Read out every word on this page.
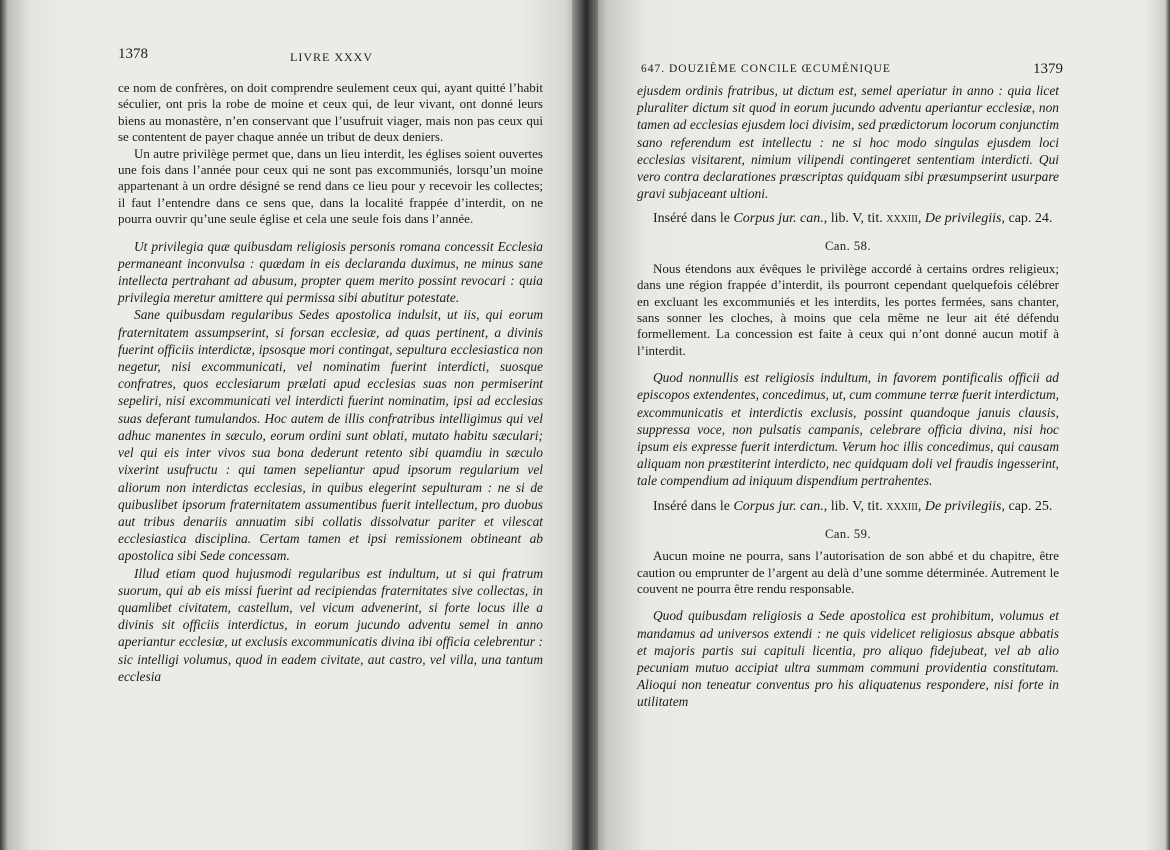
1378	LIVRE XXXV

ce nom de confrères, on doit comprendre seulement ceux qui, ayant quitté l’habit séculier, ont pris la robe de moine et ceux qui, de leur vivant, ont donné leurs biens au monastère, n’en conservant que l’usufruit viager, mais non pas ceux qui se contentent de payer chaque année un tribut de deux deniers.

Un autre privilège permet que, dans un lieu interdit, les églises soient ouvertes une fois dans l’année pour ceux qui ne sont pas excommuniés, lorsqu’un moine appartenant à un ordre désigné se rend dans ce lieu pour y recevoir les collectes; il faut l’entendre dans ce sens que, dans la localité frappée d’interdit, on ne pourra ouvrir qu’une seule église et cela une seule fois dans l’année.

Ut privilegia quæ quibusdam religiosis personis romana concessit Ecclesia permaneant inconvulsa : quædam in eis declaranda duximus, ne minus sane intellecta pertrahant ad abusum, propter quem merito possint revocari : quia privilegia meretur amittere qui permissa sibi abutitur potestate.

Sane quibusdam regularibus Sedes apostolica indulsit, ut iis, qui eorum fraternitatem assumpserint, si forsan ecclesiæ, ad quas pertinent, a divinis fuerint officiis interdictæ, ipsosque mori contingat, sepultura ecclesiastica non negetur, nisi excommunicati, vel nominatim fuerint interdicti, suosque confratres, quos ecclesiarum prælati apud ecclesias suas non permiserint sepeliri, nisi excommunicati vel interdicti fuerint nominatim, ipsi ad ecclesias suas deferant tumulandos. Hoc autem de illis confratribus intelligimus qui vel adhuc manentes in sæculo, eorum ordini sunt oblati, mutato habitu sæculari; vel qui eis inter vivos sua bona dederunt retento sibi quamdiu in sæculo vixerint usufructu : qui tamen sepeliantur apud ipsorum regularium vel aliorum non interdictas ecclesias, in quibus elegerint sepulturam : ne si de quibuslibet ipsorum fraternitatem assumentibus fuerit intellectum, pro duobus aut tribus denariis annuatim sibi collatis dissolvatur pariter et vilescat ecclesiastica disciplina. Certam tamen et ipsi remissionem obtineant ab apostolica sibi Sede concessam.

Illud etiam quod hujusmodi regularibus est indultum, ut si qui fratrum suorum, qui ab eis missi fuerint ad recipiendas fraternitates sive collectas, in quamlibet civitatem, castellum, vel vicum advenerint, si forte locus ille a divinis sit officiis interdictus, in eorum jucundo adventu semel in anno aperiantur ecclesiæ, ut exclusis excommunicatis divina ibi officia celebrentur : sic intelligi volumus, quod in eadem civitate, aut castro, vel villa, una tantum ecclesia

647. DOUZIÈME CONCILE ŒCUMÉNIQUE	1379

ejusdem ordinis fratribus, ut dictum est, semel aperiatur in anno : quia licet pluraliter dictum sit quod in eorum jucundo adventu aperiantur ecclesiæ, non tamen ad ecclesias ejusdem loci divisim, sed prædictorum locorum conjunctim sano referendum est intellectu : ne si hoc modo singulas ejusdem loci ecclesias visitarent, nimium vilipendi contingeret sententiam interdicti. Qui vero contra declarationes præscriptas quidquam sibi præsumpserint usurpare gravi subjaceant ultioni.

Inséré dans le Corpus jur. can., lib. V, tit. xxxiii, De privilegiis, cap. 24.

Can. 58.

Nous étendons aux évêques le privilège accordé à certains ordres religieux; dans une région frappée d’interdit, ils pourront cependant quelquefois célébrer en excluant les excommuniés et les interdits, les portes fermées, sans chanter, sans sonner les cloches, à moins que cela même ne leur ait été défendu formellement. La concession est faite à ceux qui n’ont donné aucun motif à l’interdit.

Quod nonnullis est religiosis indultum, in favorem pontificalis officii ad episcopos extendentes, concedimus, ut, cum commune terræ fuerit interdictum, excommunicatis et interdictis exclusis, possint quandoque januis clausis, suppressa voce, non pulsatis campanis, celebrare officia divina, nisi hoc ipsum eis expresse fuerit interdictum. Verum hoc illis concedimus, qui causam aliquam non præstiterint interdicto, nec quidquam doli vel fraudis ingesserint, tale compendium ad iniquum dispendium pertrahentes.

Inséré dans le Corpus jur. can., lib. V, tit. xxxiii, De privilegiis, cap. 25.

Can. 59.

Aucun moine ne pourra, sans l’autorisation de son abbé et du chapitre, être caution ou emprunter de l’argent au delà d’une somme déterminée. Autrement le couvent ne pourra être rendu responsable.

Quod quibusdam religiosis a Sede apostolica est prohibitum, volumus et mandamus ad universos extendi : ne quis videlicet religiosus absque abbatis et majoris partis sui capituli licentia, pro aliquo fidejubeat, vel ab alio pecuniam mutuo accipiat ultra summam communi providentia constitutam. Alioqui non teneatur conventus pro his aliquatenus respondere, nisi forte in utilitatem
